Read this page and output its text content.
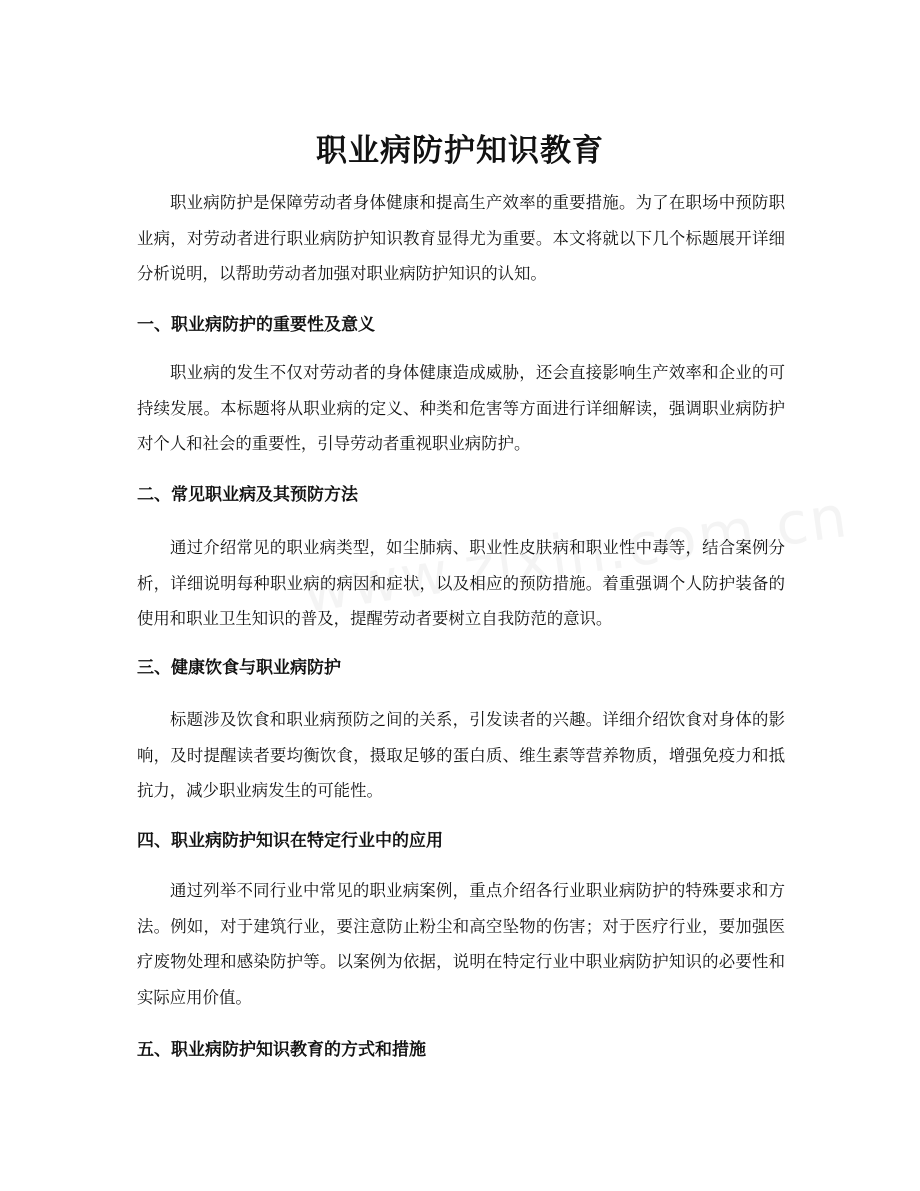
职业病防护知识教育

职业病防护是保障劳动者身体健康和提高生产效率的重要措施。为了在职场中预防职业病，对劳动者进行职业病防护知识教育显得尤为重要。本文将就以下几个标题展开详细分析说明，以帮助劳动者加强对职业病防护知识的认知。

一、职业病防护的重要性及意义

职业病的发生不仅对劳动者的身体健康造成威胁，还会直接影响生产效率和企业的可持续发展。本标题将从职业病的定义、种类和危害等方面进行详细解读，强调职业病防护对个人和社会的重要性，引导劳动者重视职业病防护。

二、常见职业病及其预防方法

通过介绍常见的职业病类型，如尘肺病、职业性皮肤病和职业性中毒等，结合案例分析，详细说明每种职业病的病因和症状，以及相应的预防措施。着重强调个人防护装备的使用和职业卫生知识的普及，提醒劳动者要树立自我防范的意识。

三、健康饮食与职业病防护

标题涉及饮食和职业病预防之间的关系，引发读者的兴趣。详细介绍饮食对身体的影响，及时提醒读者要均衡饮食，摄取足够的蛋白质、维生素等营养物质，增强免疫力和抵抗力，减少职业病发生的可能性。

四、职业病防护知识在特定行业中的应用

通过列举不同行业中常见的职业病案例，重点介绍各行业职业病防护的特殊要求和方法。例如，对于建筑行业，要注意防止粉尘和高空坠物的伤害；对于医疗行业，要加强医疗废物处理和感染防护等。以案例为依据，说明在特定行业中职业病防护知识的必要性和实际应用价值。

五、职业病防护知识教育的方式和措施
